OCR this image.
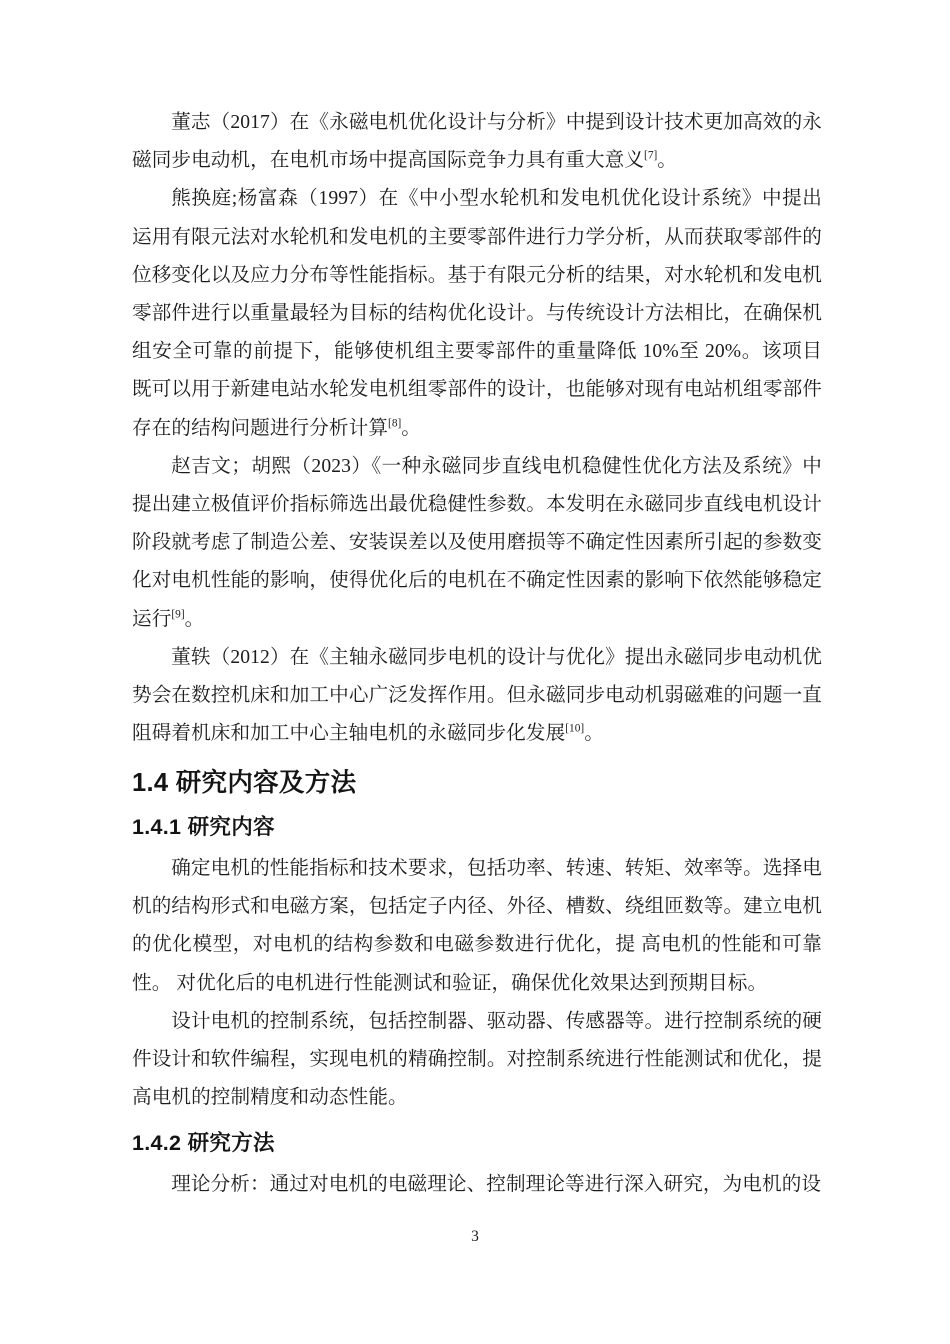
董志（2017）在《永磁电机优化设计与分析》中提到设计技术更加高效的永 磁同步电动机，在电机市场中提高国际竞争力具有重大意义[7]。

熊换庭;杨富森（1997）在《中小型水轮机和发电机优化设计系统》中提出运用有限元法对水轮机和发电机的主要零部件进行力学分析，从而获取零部件的位移变化以及应力分布等性能指标。基于有限元分析的结果，对水轮机和发电机零部件进行以重量最轻为目标的结构优化设计。与传统设计方法相比，在确保机组安全可靠的前提下，能够使机组主要零部件的重量降低 10%至 20%。该项目既可以用于新建电站水轮发电机组零部件的设计，也能够对现有电站机组零部件存在的结构问题进行分析计算[8]。

赵吉文；胡熙（2023）《一种永磁同步直线电机稳健性优化方法及系统》中提出建立极值评价指标筛选出最优稳健性参数。本发明在永磁同步直线电机设计阶段就考虑了制造公差、安装误差以及使用磨损等不确定性因素所引起的参数变化对电机性能的影响，使得优化后的电机在不确定性因素的影响下依然能够稳定运行[9]。

董轶（2012）在《主轴永磁同步电机的设计与优化》提出永磁同步电动机优 势会在数控机床和加工中心广泛发挥作用。但永磁同步电动机弱磁难的问题一直 阻碍着机床和加工中心主轴电机的永磁同步化发展[10]。

1.4 研究内容及方法
1.4.1 研究内容

确定电机的性能指标和技术要求，包括功率、转速、转矩、效率等。选择电机的结构形式和电磁方案，包括定子内径、外径、槽数、绕组匝数等。建立电机的优化模型，对电机的结构参数和电磁参数进行优化，提 高电机的性能和可靠性。 对优化后的电机进行性能测试和验证，确保优化效果达到预期目标。

设计电机的控制系统，包括控制器、驱动器、传感器等。进行控制系统的硬 件设计和软件编程，实现电机的精确控制。对控制系统进行性能测试和优化，提 高电机的控制精度和动态性能。

1.4.2 研究方法

理论分析：通过对电机的电磁理论、控制理论等进行深入研究，为电机的设

3
